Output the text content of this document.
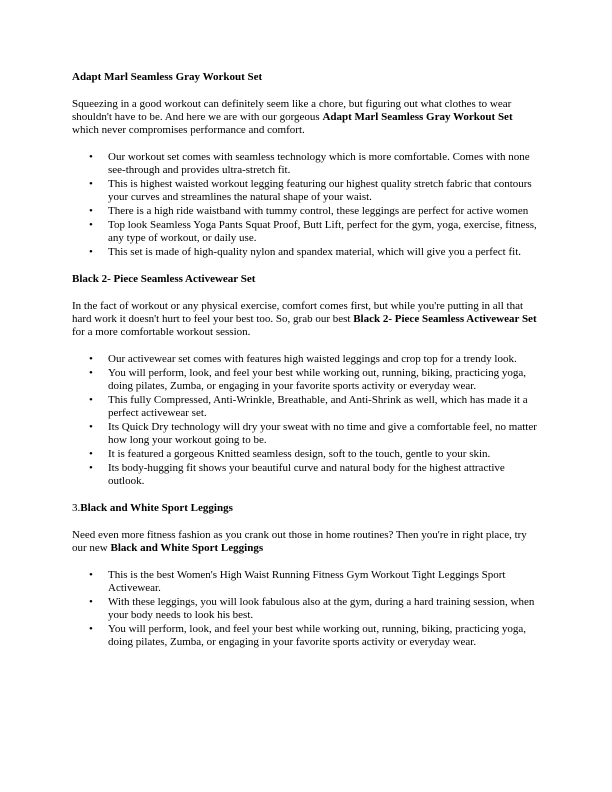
Adapt Marl Seamless Gray Workout Set

Squeezing in a good workout can definitely seem like a chore, but figuring out what clothes to wear shouldn't have to be. And here we are with our gorgeous Adapt Marl Seamless Gray Workout Set which never compromises performance and comfort.

•	Our workout set comes with seamless technology which is more comfortable. Comes with none see-through and provides ultra-stretch fit.
•	This is highest waisted workout legging featuring our highest quality stretch fabric that contours your curves and streamlines the natural shape of your waist.
•	There is a high ride waistband with tummy control, these leggings are perfect for active women
•	Top look Seamless Yoga Pants Squat Proof, Butt Lift, perfect for the gym, yoga, exercise, fitness, any type of workout, or daily use.
•	This set is made of high-quality nylon and spandex material, which will give you a perfect fit.
Black 2- Piece Seamless Activewear Set

In the fact of workout or any physical exercise, comfort comes first, but while you're putting in all that hard work it doesn't hurt to feel your best too. So, grab our best Black 2- Piece Seamless Activewear Set for a more comfortable workout session.

•	Our activewear set comes with features high waisted leggings and crop top for a trendy look.
•	You will perform, look, and feel your best while working out, running, biking, practicing yoga, doing pilates, Zumba, or engaging in your favorite sports activity or everyday wear.
•	This fully Compressed, Anti-Wrinkle, Breathable, and Anti-Shrink as well, which has made it a perfect activewear set.
•	Its Quick Dry technology will dry your sweat with no time and give a comfortable feel, no matter how long your workout going to be.
•	It is featured a gorgeous Knitted seamless design, soft to the touch, gentle to your skin.
•	Its body-hugging fit shows your beautiful curve and natural body for the highest attractive outlook.
3.Black and White Sport Leggings

Need even more fitness fashion as you crank out those in home routines? Then you're in right place, try our new Black and White Sport Leggings

•	This is the best Women's High Waist Running Fitness Gym Workout Tight Leggings Sport Activewear.
•	With these leggings, you will look fabulous also at the gym, during a hard training session, when your body needs to look his best.
•	You will perform, look, and feel your best while working out, running, biking, practicing yoga, doing pilates, Zumba, or engaging in your favorite sports activity or everyday wear.
